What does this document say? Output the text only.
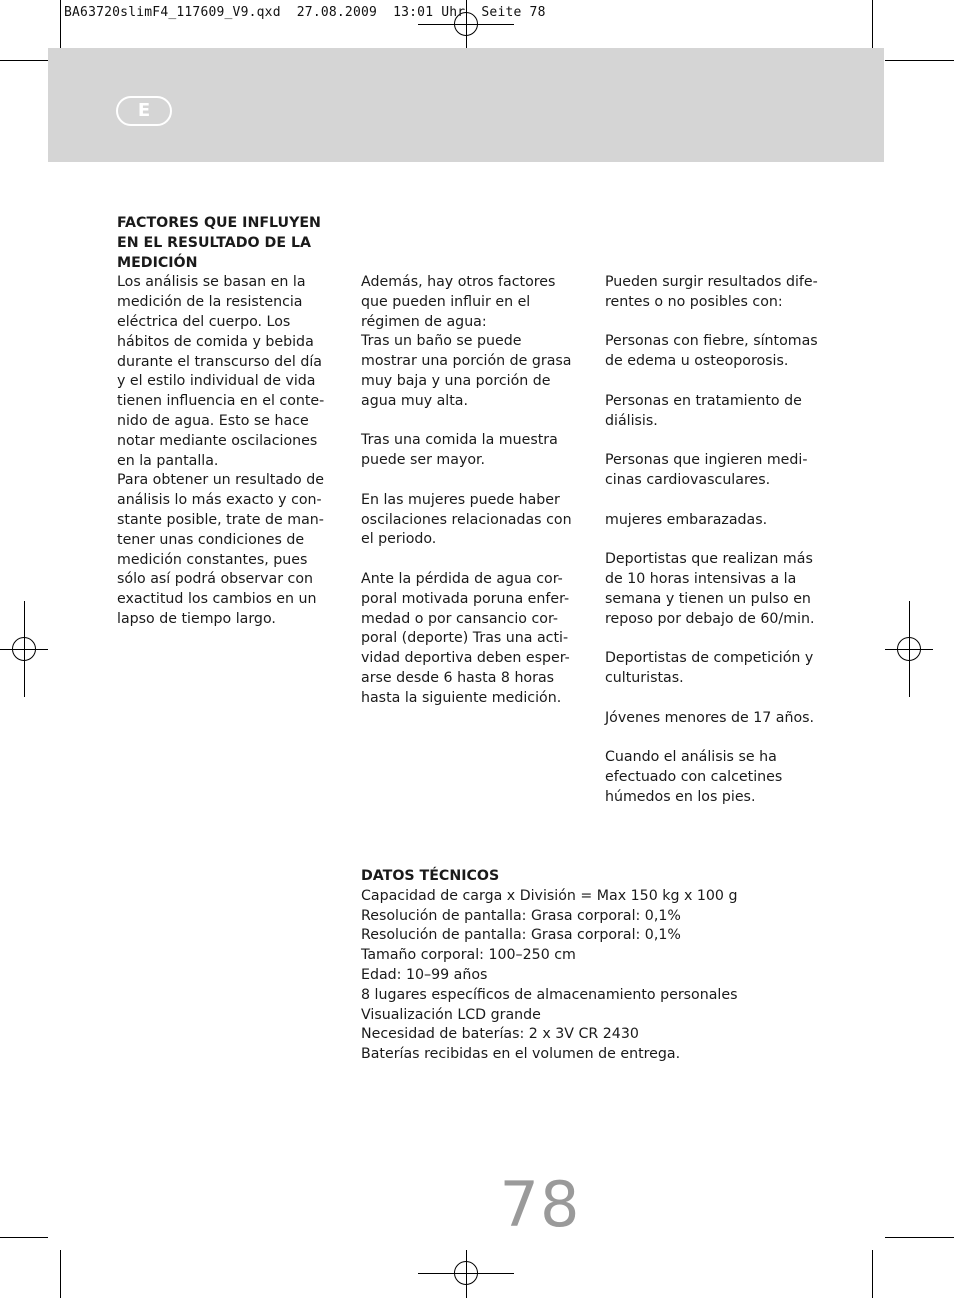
BA63720slimF4_117609_V9.qxd  27.08.2009  13:01 Uhr  Seite 78
E

FACTORES QUE INFLUYEN

EN EL RESULTADO DE LA

MEDICIÓN

Los análisis se basan en la

medición de la resistencia

eléctrica del cuerpo. Los

hábitos de comida y bebida

durante el transcurso del día

y el estilo individual de vida

tienen influencia en el conte-

nido de agua. Esto se hace

notar mediante oscilaciones

en la pantalla.

Para obtener un resultado de

análisis lo más exacto y con-

stante posible, trate de man-

tener unas condiciones de

medición constantes, pues

sólo así podrá observar con

exactitud los cambios en un

lapso de tiempo largo.

Además, hay otros factores

que pueden influir en el

régimen de agua:

Tras un baño se puede

mostrar una porción de grasa

muy baja y una porción de

agua muy alta.

Tras una comida la muestra

puede ser mayor.

En las mujeres puede haber

oscilaciones relacionadas con

el periodo.

Ante la pérdida de agua cor-

poral motivada poruna enfer-

medad o por cansancio cor-

poral (deporte) Tras una acti-

vidad deportiva deben esper-

arse desde 6 hasta 8 horas

hasta la siguiente medición.

Pueden surgir resultados dife-

rentes o no posibles con:

Personas con fiebre, síntomas

de edema u osteoporosis.

Personas en tratamiento de

diálisis.

Personas que ingieren medi-

cinas cardiovasculares.

mujeres embarazadas.

Deportistas que realizan más

de 10 horas intensivas a la

semana y tienen un pulso en

reposo por debajo de 60/min.

Deportistas de competición y

culturistas.

Jóvenes menores de 17 años.

Cuando el análisis se ha

efectuado con calcetines

húmedos en los pies.

DATOS TÉCNICOS

Capacidad de carga x División = Max 150 kg x 100 g

Resolución de pantalla: Grasa corporal: 0,1%

Resolución de pantalla: Grasa corporal: 0,1%

Tamaño corporal: 100–250 cm

Edad: 10–99 años

8 lugares específicos de almacenamiento personales

Visualización LCD grande

Necesidad de baterías: 2 x 3V CR 2430

Baterías recibidas en el volumen de entrega.

78
